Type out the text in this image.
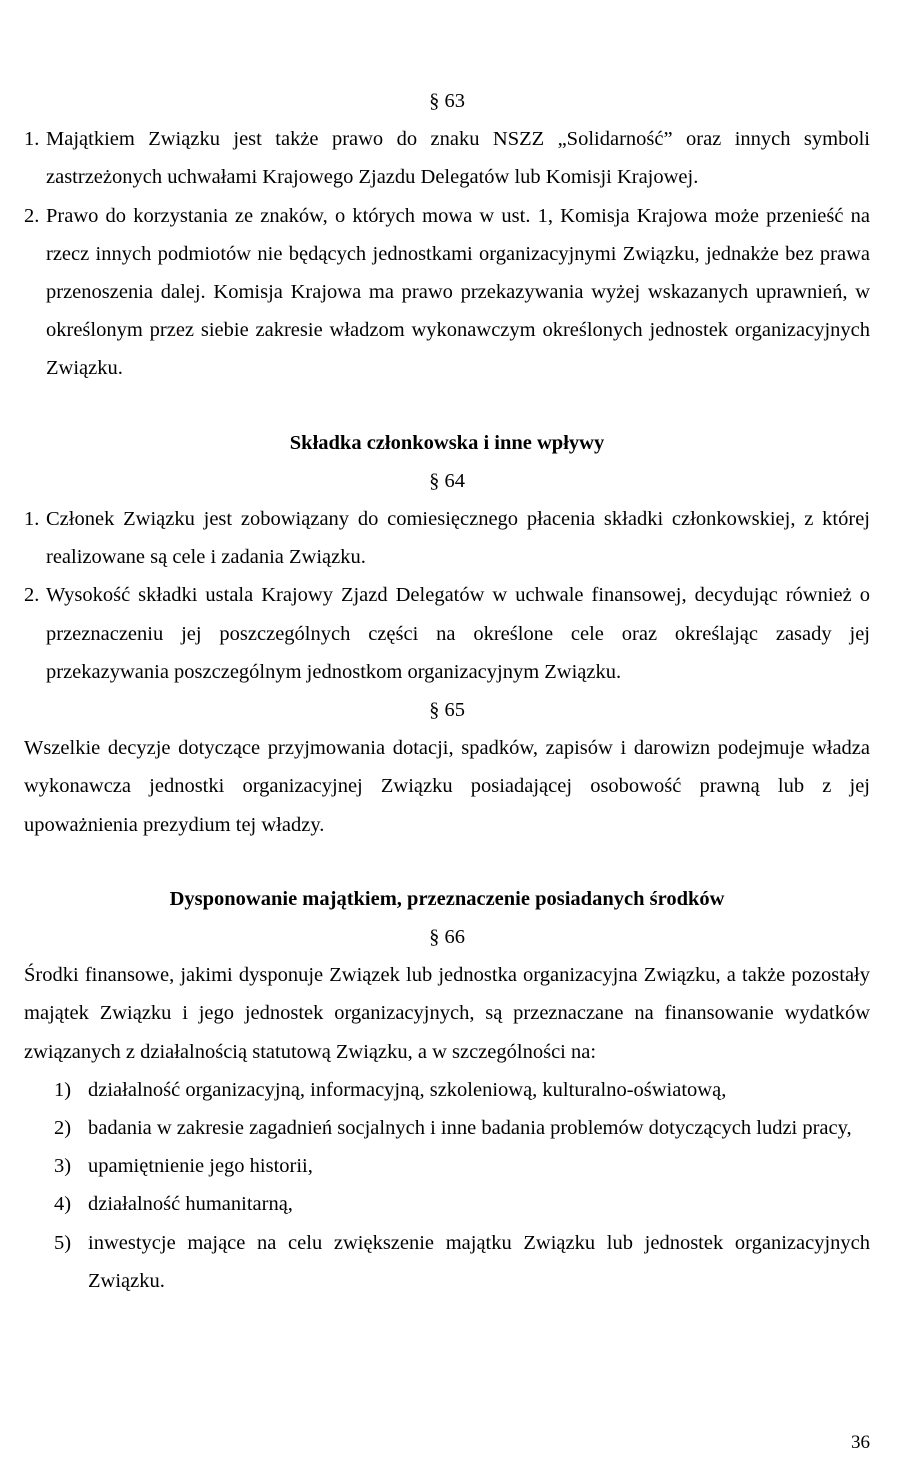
§ 63

1. Majątkiem Związku jest także prawo do znaku NSZZ „Solidarność” oraz innych symboli zastrzeżonych uchwałami Krajowego Zjazdu Delegatów lub Komisji Krajowej.
2. Prawo do korzystania ze znaków, o których mowa w ust. 1, Komisja Krajowa może przenieść na rzecz innych podmiotów nie będących jednostkami organizacyjnymi Związku, jednakże bez prawa przenoszenia dalej. Komisja Krajowa ma prawo przekazywania wyżej wskazanych uprawnień, w określonym przez siebie zakresie władzom wykonawczym określonych jednostek organizacyjnych Związku.

Składka członkowska i inne wpływy

§ 64

1. Członek Związku jest zobowiązany do comiesięcznego płacenia składki członkowskiej, z której realizowane są cele i zadania Związku.
2. Wysokość składki ustala Krajowy Zjazd Delegatów w uchwale finansowej, decydując również o przeznaczeniu jej poszczególnych części na określone cele oraz określając zasady jej przekazywania poszczególnym jednostkom organizacyjnym Związku.

§ 65

Wszelkie decyzje dotyczące przyjmowania dotacji, spadków, zapisów i darowizn podejmuje władza wykonawcza jednostki organizacyjnej Związku posiadającej osobowość prawną lub z jej upoważnienia prezydium tej władzy.

Dysponowanie majątkiem, przeznaczenie posiadanych środków

§ 66

Środki finansowe, jakimi dysponuje Związek lub jednostka organizacyjna Związku, a także pozostały majątek Związku i jego jednostek organizacyjnych, są przeznaczane na finansowanie wydatków związanych z działalnością statutową Związku, a w szczególności na:

1) działalność organizacyjną, informacyjną, szkoleniową, kulturalno-oświatową,
2) badania w zakresie zagadnień socjalnych i inne badania problemów dotyczących ludzi pracy,
3) upamiętnienie jego historii,
4) działalność humanitarną,
5) inwestycje mające na celu zwiększenie majątku Związku lub jednostek organizacyjnych Związku.
36
